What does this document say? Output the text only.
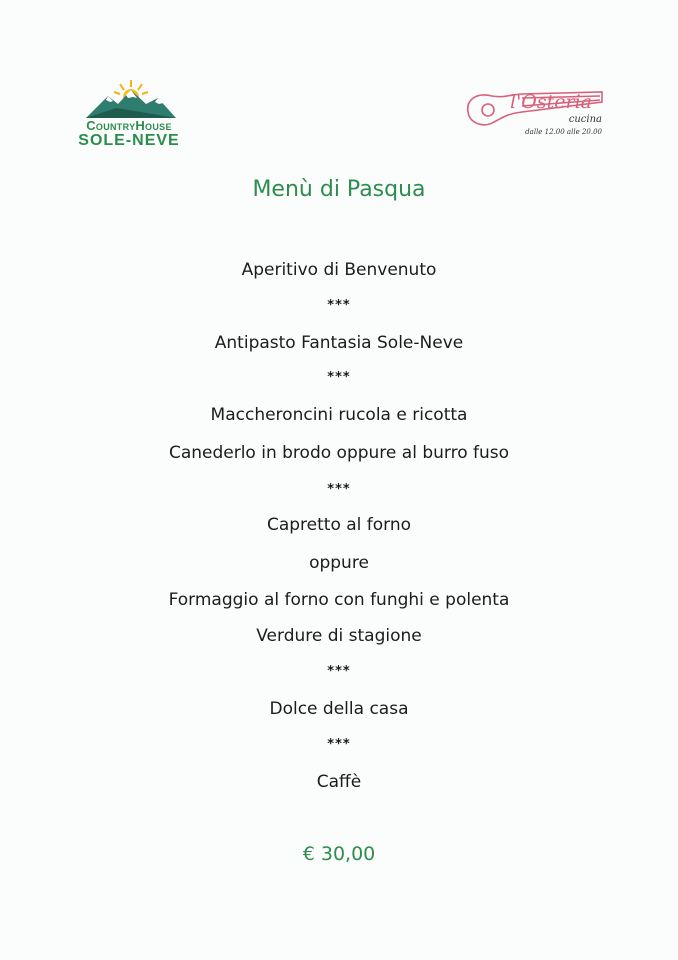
CountryHouse
SOLE-NEVE
l'Osteria
cucina
dalle 12.00 alle 20.00
Menù di Pasqua
Aperitivo di Benvenuto
***
Antipasto Fantasia Sole-Neve
***
Maccheroncini rucola e ricotta
Canederlo in brodo oppure al burro fuso
***
Capretto al forno
oppure
Formaggio al forno con funghi e polenta
Verdure di stagione
***
Dolce della casa
***
Caffè
€ 30,00
